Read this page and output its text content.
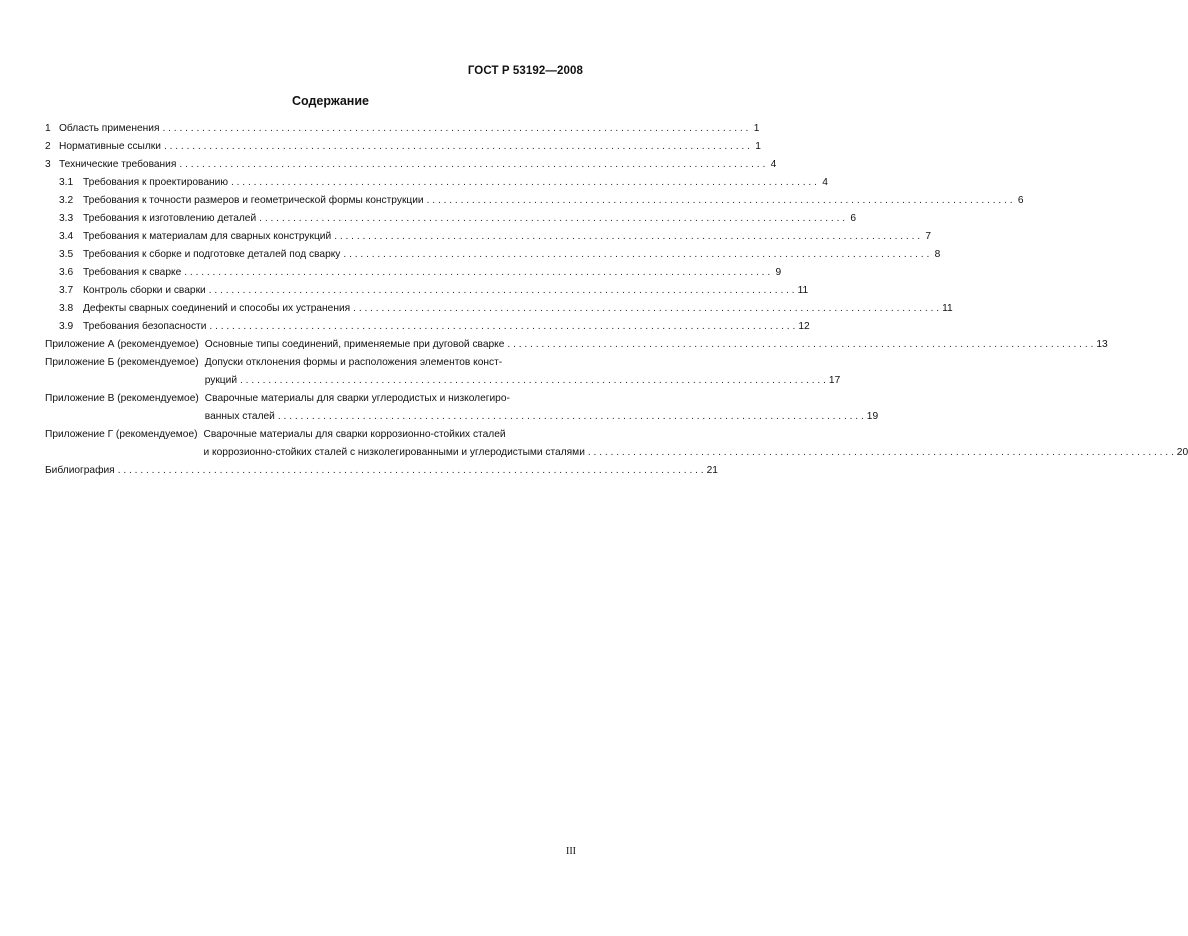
ГОСТ Р 53192—2008
Содержание
1 Область применения . . .	1
2 Нормативные ссылки . . .	1
3 Технические требования . . .	4
3.1 Требования к проектированию . . .	4
3.2 Требования к точности размеров и геометрической формы конструкции . . .	6
3.3 Требования к изготовлению деталей . . .	6
3.4 Требования к материалам для сварных конструкций . . .	7
3.5 Требования к сборке и подготовке деталей под сварку . . .	8
3.6 Требования к сварке . . .	9
3.7 Контроль сборки и сварки . . .	11
3.8 Дефекты сварных соединений и способы их устранения . . .	11
3.9 Требования безопасности . . .	12
Приложение А (рекомендуемое) Основные типы соединений, применяемые при дуговой сварке . . .	13
Приложение Б (рекомендуемое) Допуски отклонения формы и расположения элементов конст-
рукций . . .	17
Приложение В (рекомендуемое) Сварочные материалы для сварки углеродистых и низколегиро-
ванных сталей . . .	19
Приложение Г (рекомендуемое) Сварочные материалы для сварки коррозионно-стойких сталей
и коррозионно-стойких сталей с низколегированными и углеродистыми сталями . . .	20
Библиография . . .	21
III
